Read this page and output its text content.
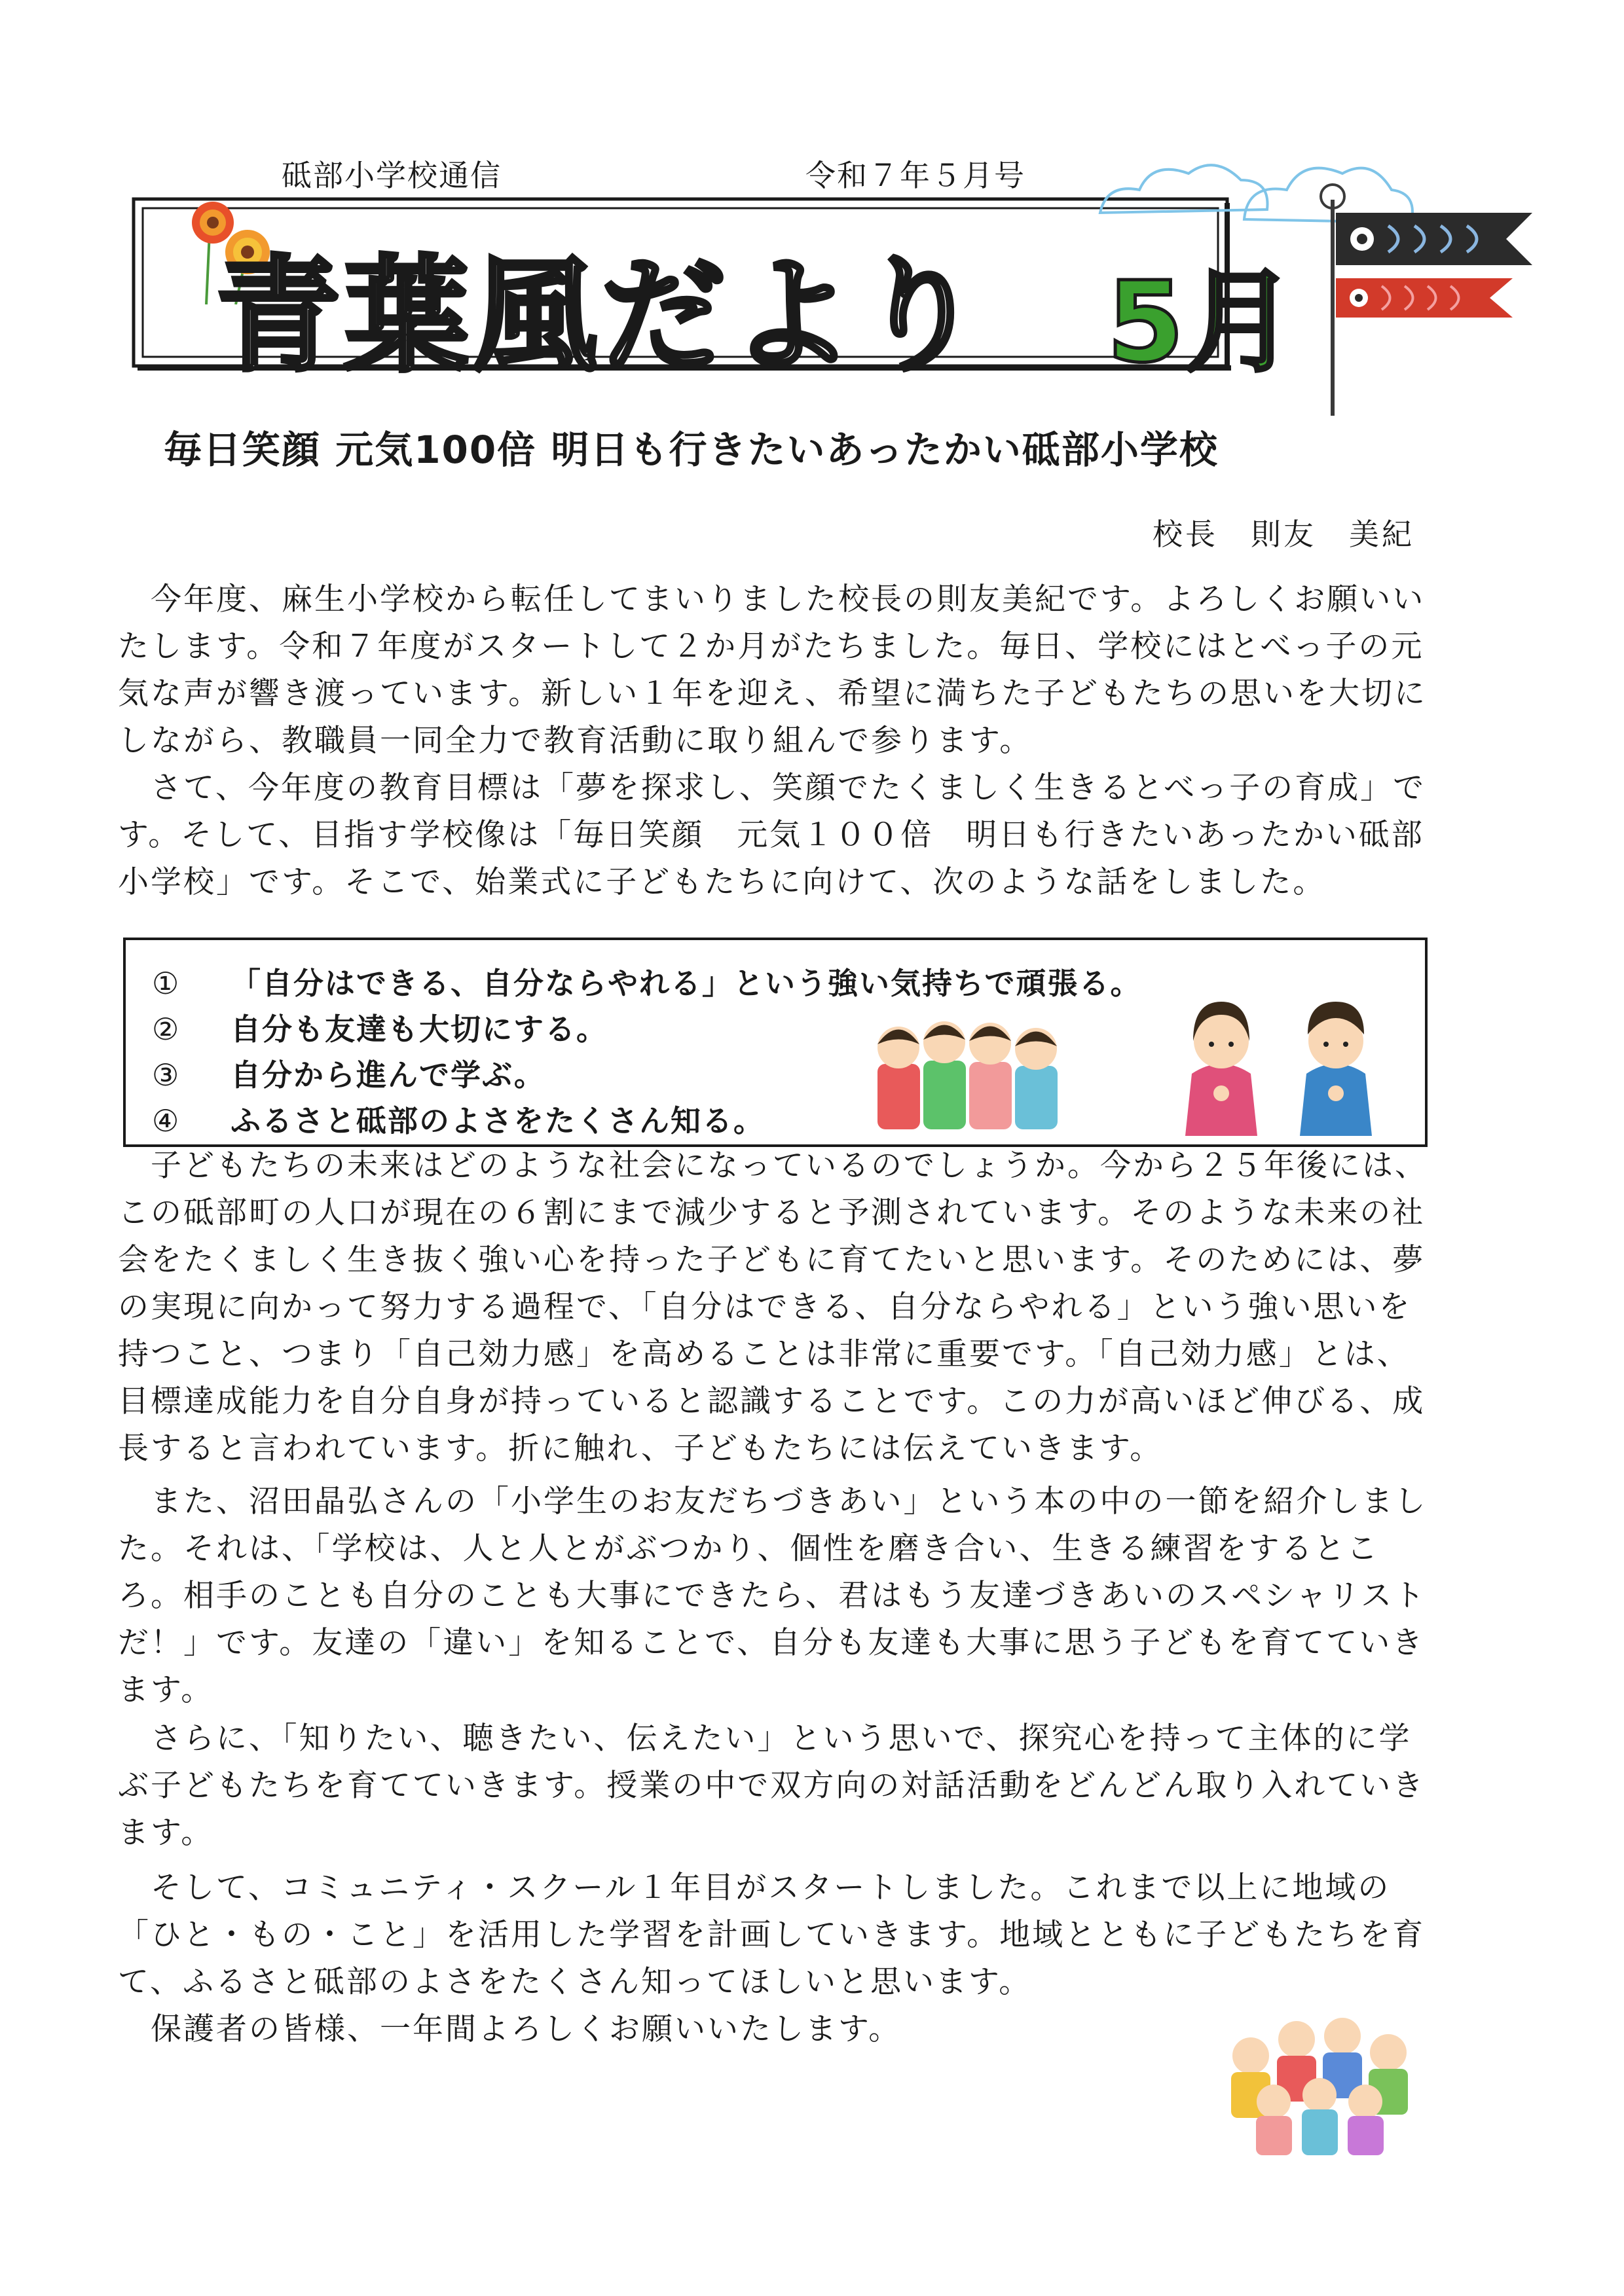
砥部小学校通信	令和７年５月号
青葉風だより 5月
毎日笑顔 元気100倍 明日も行きたいあったかい砥部小学校
校長　則友　美紀
　今年度、麻生小学校から転任してまいりました校長の則友美紀です。よろしくお願いい
たします。令和７年度がスタートして２か月がたちました。毎日、学校にはとべっ子の元
気な声が響き渡っています。新しい１年を迎え、希望に満ちた子どもたちの思いを大切に
しながら、教職員一同全力で教育活動に取り組んで参ります。
　さて、今年度の教育目標は「夢を探求し、笑顔でたくましく生きるとべっ子の育成」で
す。そして、目指す学校像は「毎日笑顔　元気１００倍　明日も行きたいあったかい砥部
小学校」です。そこで、始業式に子どもたちに向けて、次のような話をしました。
① 「自分はできる、自分ならやれる」という強い気持ちで頑張る。
② 自分も友達も大切にする。
③ 自分から進んで学ぶ。
④ ふるさと砥部のよさをたくさん知る。
　子どもたちの未来はどのような社会になっているのでしょうか。今から２５年後には、
この砥部町の人口が現在の６割にまで減少すると予測されています。そのような未来の社
会をたくましく生き抜く強い心を持った子どもに育てたいと思います。そのためには、夢
の実現に向かって努力する過程で、「自分はできる、自分ならやれる」という強い思いを
持つこと、つまり「自己効力感」を高めることは非常に重要です。「自己効力感」とは、
目標達成能力を自分自身が持っていると認識することです。この力が高いほど伸びる、成
長すると言われています。折に触れ、子どもたちには伝えていきます。
　また、沼田晶弘さんの「小学生のお友だちづきあい」という本の中の一節を紹介しまし
た。それは、「学校は、人と人とがぶつかり、個性を磨き合い、生きる練習をするとこ
ろ。相手のことも自分のことも大事にできたら、君はもう友達づきあいのスペシャリスト
だ！」です。友達の「違い」を知ることで、自分も友達も大事に思う子どもを育てていき
ます。
　さらに、「知りたい、聴きたい、伝えたい」という思いで、探究心を持って主体的に学
ぶ子どもたちを育てていきます。授業の中で双方向の対話活動をどんどん取り入れていき
ます。
　そして、コミュニティ・スクール１年目がスタートしました。これまで以上に地域の
「ひと・もの・こと」を活用した学習を計画していきます。地域とともに子どもたちを育
て、ふるさと砥部のよさをたくさん知ってほしいと思います。
　保護者の皆様、一年間よろしくお願いいたします。
